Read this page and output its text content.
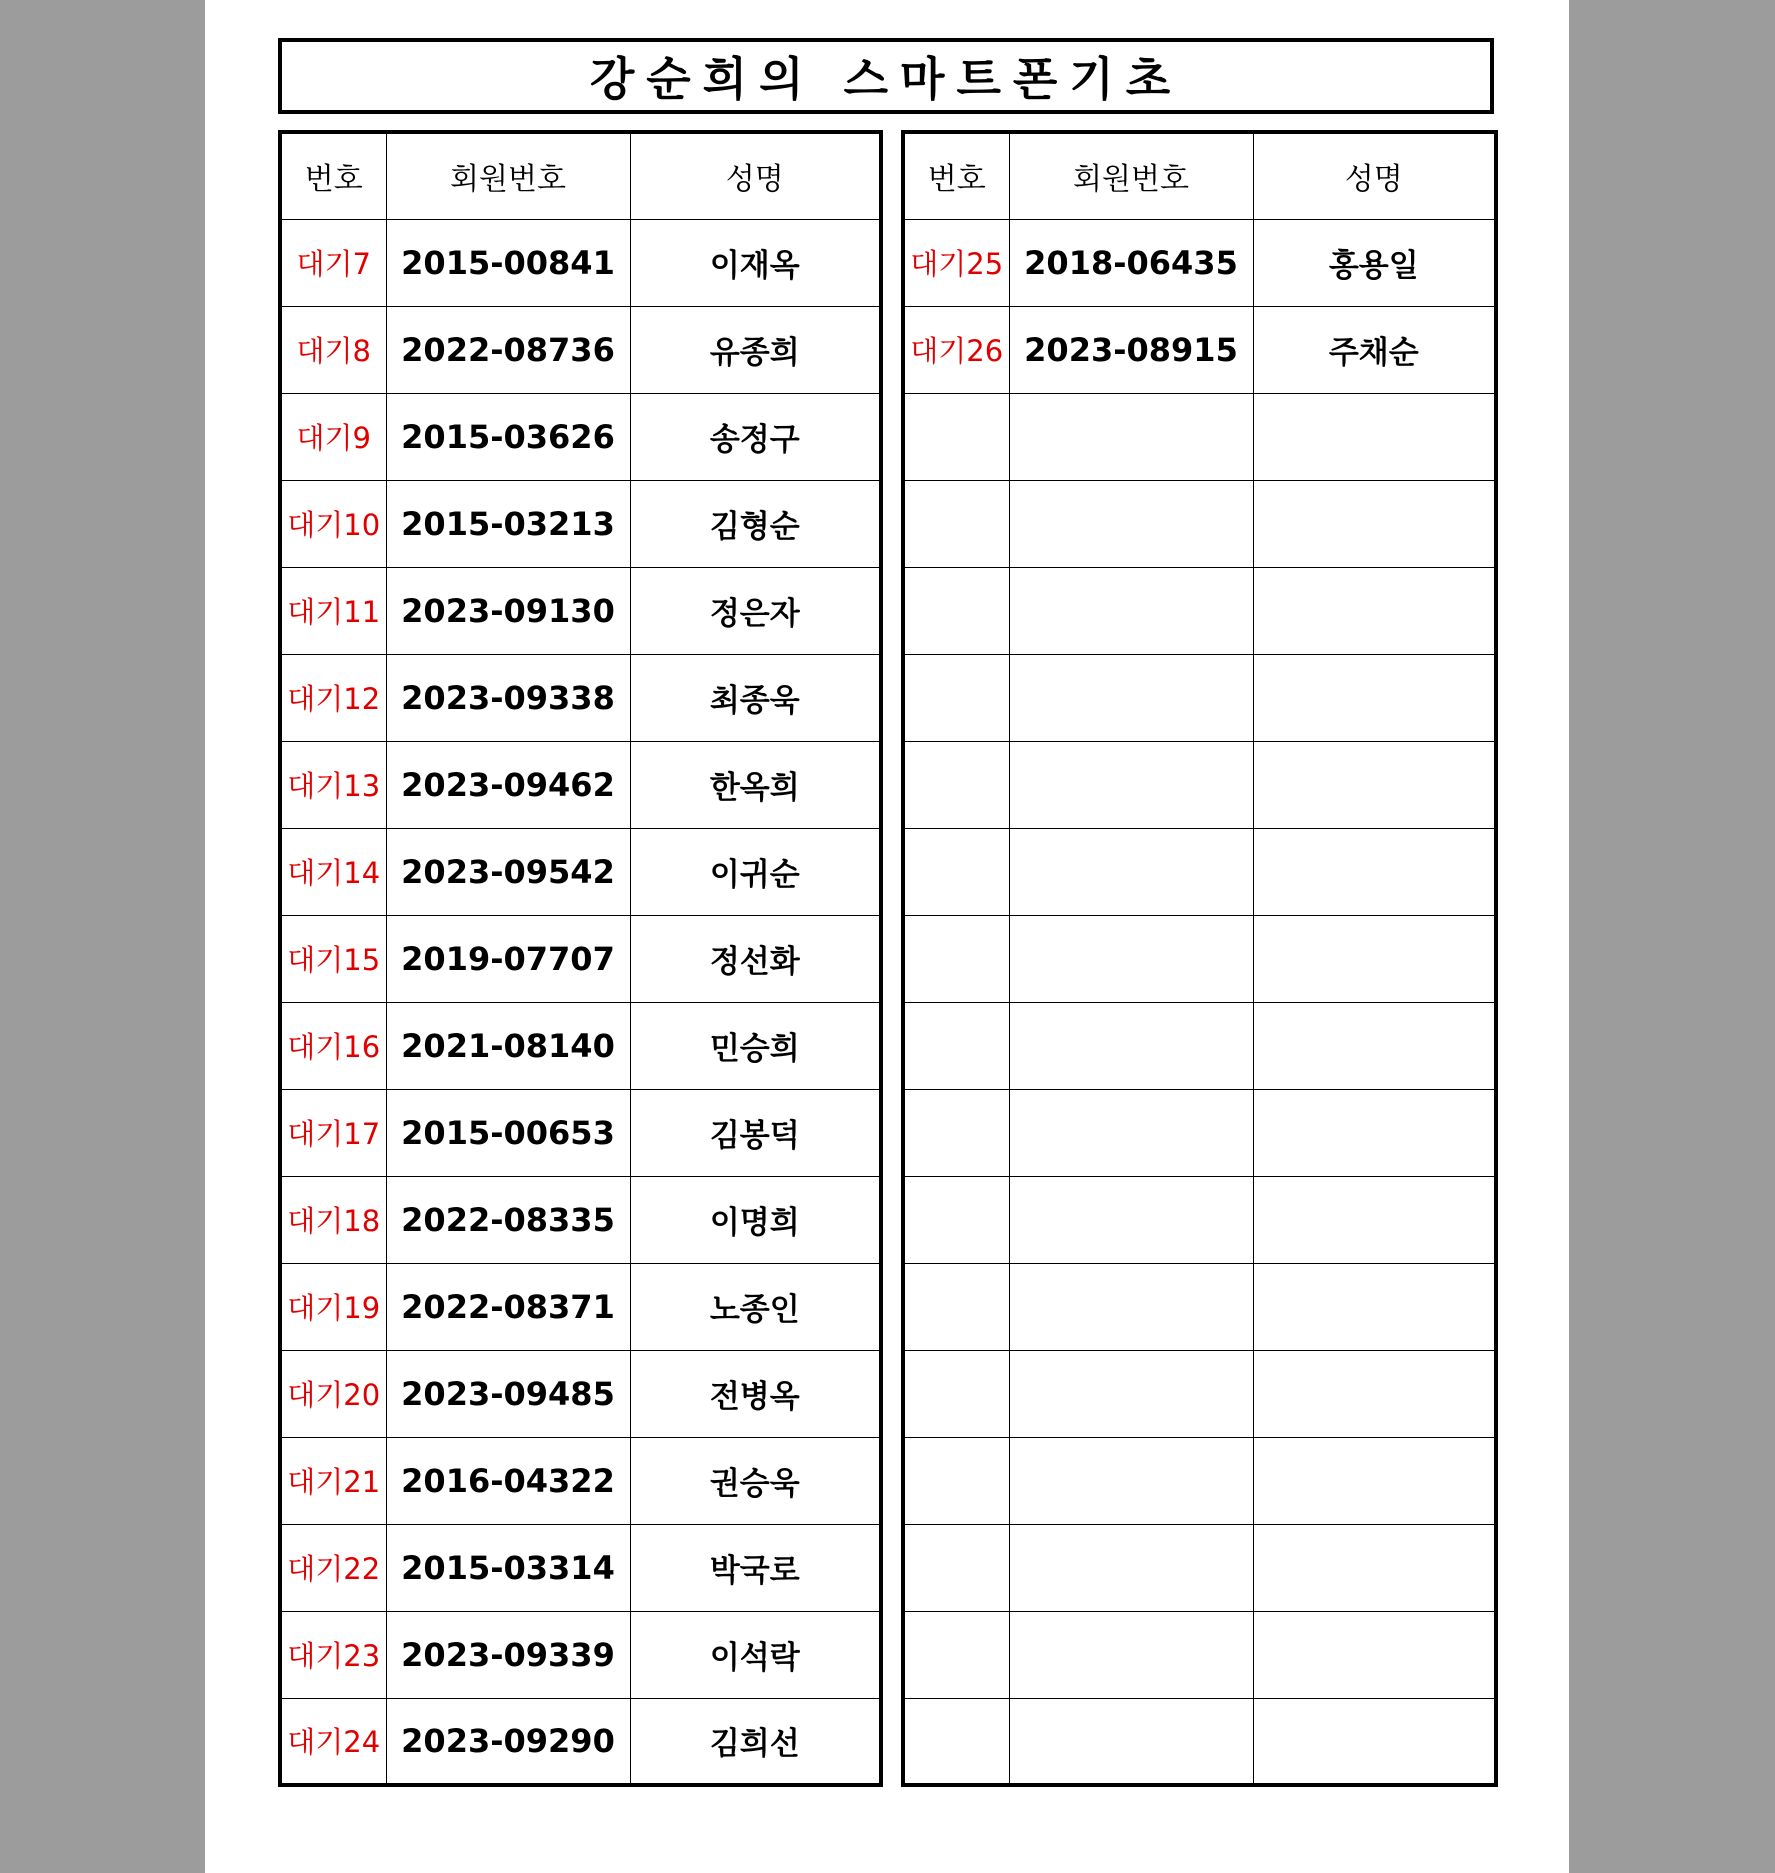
강순희의 스마트폰기초
번호	회원번호	성명
대기7	2015-00841	이재옥
대기8	2022-08736	유종희
대기9	2015-03626	송정구
대기10	2015-03213	김형순
대기11	2023-09130	정은자
대기12	2023-09338	최종욱
대기13	2023-09462	한옥희
대기14	2023-09542	이귀순
대기15	2019-07707	정선화
대기16	2021-08140	민승희
대기17	2015-00653	김봉덕
대기18	2022-08335	이명희
대기19	2022-08371	노종인
대기20	2023-09485	전병옥
대기21	2016-04322	권승욱
대기22	2015-03314	박국로
대기23	2023-09339	이석락
대기24	2023-09290	김희선
번호	회원번호	성명
대기25	2018-06435	홍용일
대기26	2023-08915	주채순
